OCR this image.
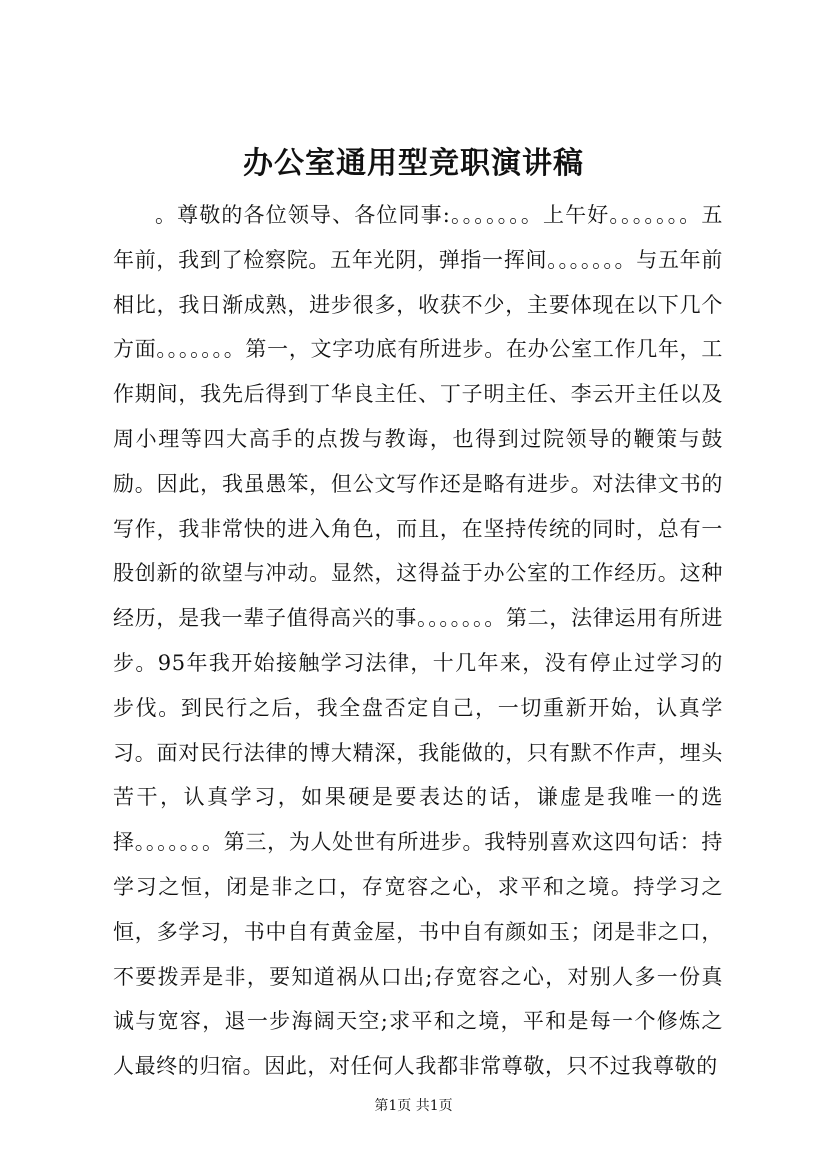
办公室通用型竞职演讲稿

。尊敬的各位领导、各位同事:。。。。。。。上午好。。。。。。。五年前，我到了检察院。五年光阴，弹指一挥间。。。。。。。与五年前相比，我日渐成熟，进步很多，收获不少，主要体现在以下几个方面。。。。。。。第一，文字功底有所进步。在办公室工作几年，工作期间，我先后得到丁华良主任、丁子明主任、李云开主任以及周小理等四大高手的点拨与教诲，也得到过院领导的鞭策与鼓励。因此，我虽愚笨，但公文写作还是略有进步。对法律文书的写作，我非常快的进入角色，而且，在坚持传统的同时，总有一股创新的欲望与冲动。显然，这得益于办公室的工作经历。这种经历，是我一辈子值得高兴的事。。。。。。。第二，法律运用有所进步。95年我开始接触学习法律，十几年来，没有停止过学习的步伐。到民行之后，我全盘否定自己，一切重新开始，认真学习。面对民行法律的博大精深，我能做的，只有默不作声，埋头苦干，认真学习，如果硬是要表达的话，谦虚是我唯一的选择。。。。。。。第三，为人处世有所进步。我特别喜欢这四句话：持学习之恒，闭是非之口，存宽容之心，求平和之境。持学习之恒，多学习，书中自有黄金屋，书中自有颜如玉；闭是非之口，不要拨弄是非，要知道祸从口出;存宽容之心，对别人多一份真诚与宽容，退一步海阔天空;求平和之境，平和是每一个修炼之人最终的归宿。因此，对任何人我都非常尊敬，只不过我尊敬的

第1页 共1页
